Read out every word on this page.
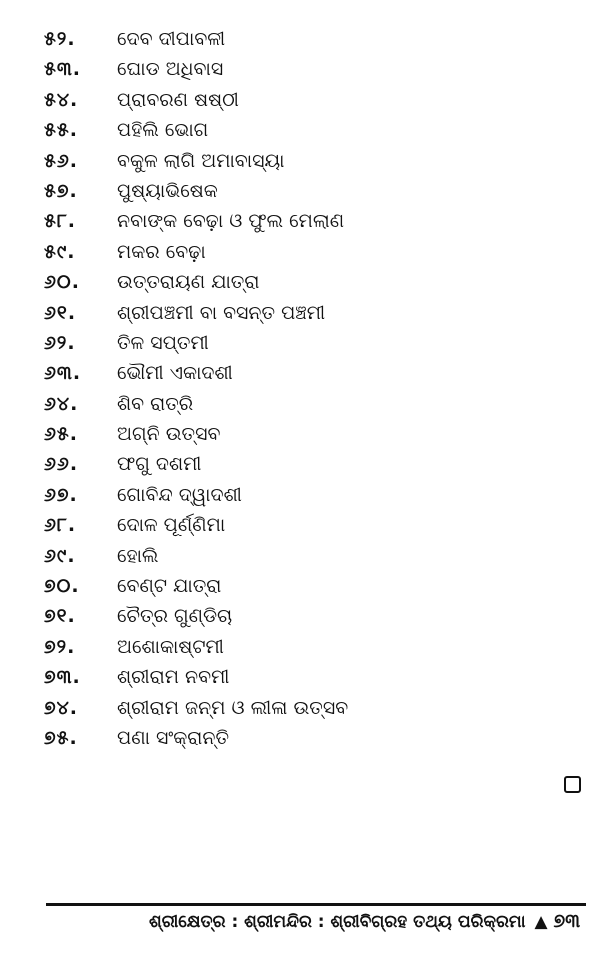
୫୨. ଦେବ ଦୀପାବଳୀ
୫୩. ଘୋଡ ଅଧିବାସ
୫୪. ପ୍ରାବରଣ ଷଷ୍ଠୀ
୫୫. ପହିଲି ଭୋଗ
୫୬. ବକୁଳ ଲାଗି ଅମାବାସ୍ୟା
୫୭. ପୁଷ୍ୟାଭିଷେକ
୫୮. ନବାଙ୍କ ବେଢ଼ା ଓ ଫୁଲ ମେଲାଣ
୫୯. ମକର ବେଢ଼ା
୬୦. ଉତ୍ତରାୟଣ ଯାତ୍ରା
୬୧. ଶ୍ରୀପଞ୍ଚମୀ ବା ବସନ୍ତ ପଞ୍ଚମୀ
୬୨. ତିଳ ସପ୍ତମୀ
୬୩. ଭୌମୀ ଏକାଦଶୀ
୬୪. ଶିବ ରାତ୍ରି
୬୫. ଅଗ୍ନି ଉତ୍ସବ
୬୬. ଫଗୁ ଦଶମୀ
୬୭. ଗୋବିନ୍ଦ ଦ୍ୱାଦଶୀ
୬୮. ଦୋଳ ପୂର୍ଣ୍ଣିମା
୬୯. ହୋଲି
୭୦. ବେଣ୍ଟ ଯାତ୍ରା
୭୧. ଚୈତ୍ର ଗୁଣ୍ଡିଚା
୭୨. ଅଶୋକାଷ୍ଟମୀ
୭୩. ଶ୍ରୀରାମ ନବମୀ
୭୪. ଶ୍ରୀରାମ ଜନ୍ମ ଓ ଲୀଳା ଉତ୍ସବ
୭୫. ପଣା ସଂକ୍ରାନ୍ତି
ଶ୍ରୀକ୍ଷେତ୍ର : ଶ୍ରୀମନ୍ଦିର : ଶ୍ରୀବିଗ୍ରହ ତଥ୍ୟ ପରିକ୍ରମା ▲ ୭୩
